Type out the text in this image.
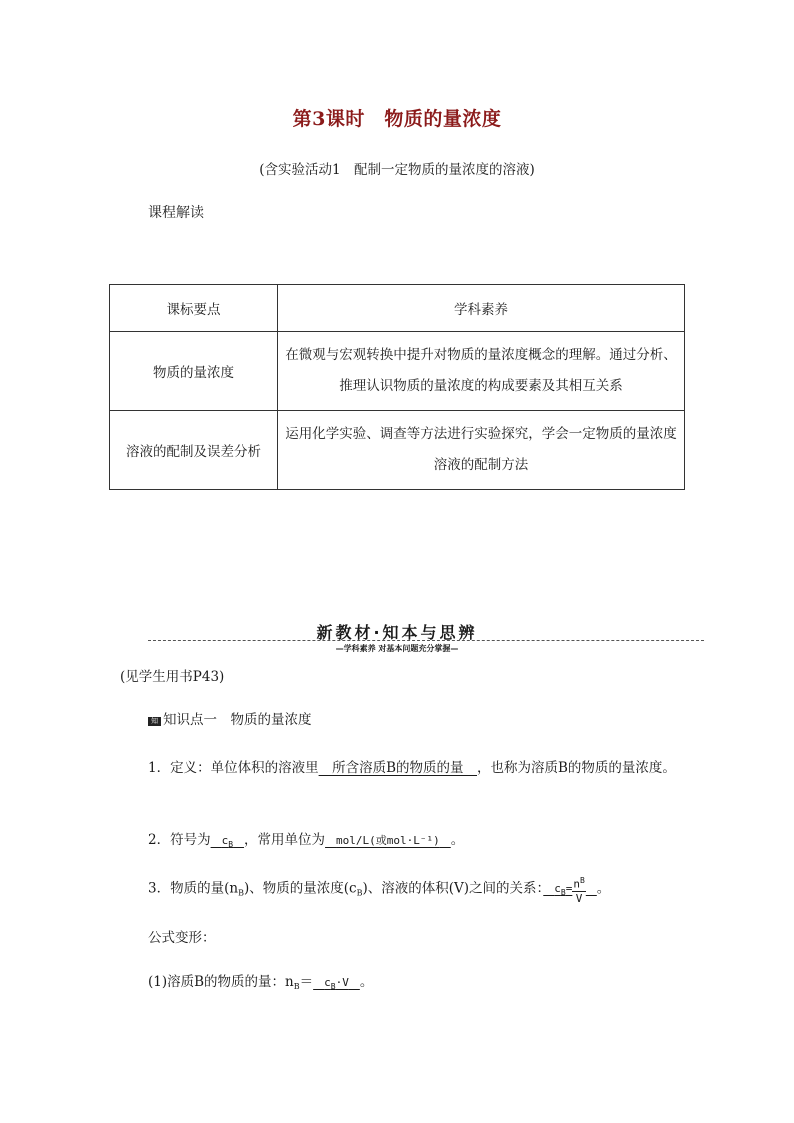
第3课时　物质的量浓度
(含实验活动1　配制一定物质的量浓度的溶液)
课程解读
课标要点	学科素养
物质的量浓度	在微观与宏观转换中提升对物质的量浓度概念的理解。通过分析、推理认识物质的量浓度的构成要素及其相互关系
溶液的配制及误差分析	运用化学实验、调查等方法进行实验探究，学会一定物质的量浓度溶液的配制方法
新教材·知本与思辨
—学科素养 对基本问题充分掌握—
(见学生用书P43)
知 知识点一　物质的量浓度
1．定义：单位体积的溶液里　所含溶质B的物质的量　，也称为溶质B的物质的量浓度。
2．符号为　 $c_B$　 ，常用单位为　 mol/L(或mol·L⁻¹)　 。
3．物质的量$(n_B)$、物质的量浓度$(c_B)$、溶液的体积(V)之间的关系：　 $c_B= \frac{n^B}{V}$
　 。
公式变形：
(1)溶质B的物质的量：$n_B=$　 $c_B\cdot V$　 。
